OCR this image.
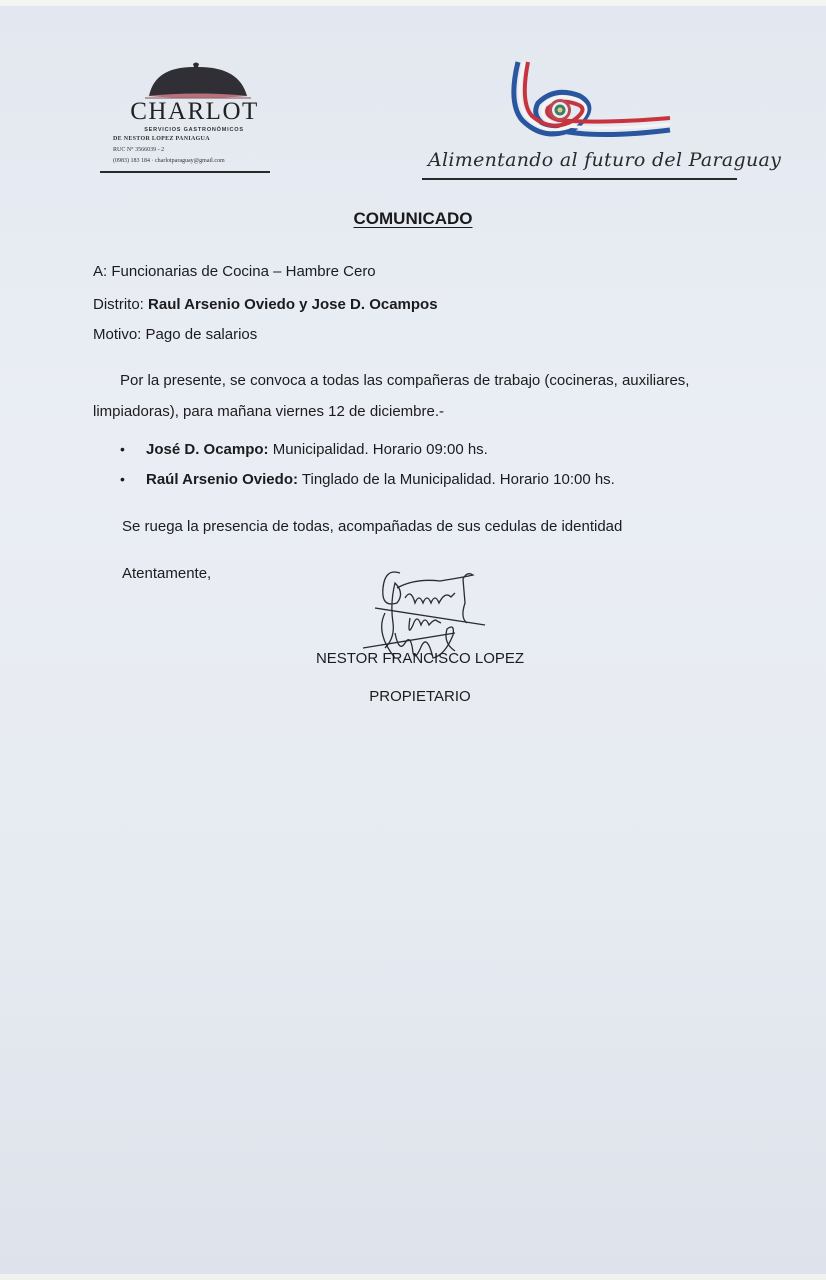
CHARLOT
SERVICIOS GASTRONÓMICOS
DE NESTOR LOPEZ PANIAGUA
RUC N° 3566039 - 2
(0983) 183 184 · charlotparaguay@gmail.com	Alimentando al futuro del Paraguay
COMUNICADO
A: Funcionarias de Cocina – Hambre Cero
Distrito: Raul Arsenio Oviedo y Jose D. Ocampos
Motivo: Pago de salarios
Por la presente, se convoca a todas las compañeras de trabajo (cocineras, auxiliares, limpiadoras), para mañana viernes 12 de diciembre.-
• José D. Ocampo: Municipalidad. Horario 09:00 hs.
• Raúl Arsenio Oviedo: Tinglado de la Municipalidad. Horario 10:00 hs.
Se ruega la presencia de todas, acompañadas de sus cedulas de identidad
Atentamente,
NESTOR FRANCISCO LOPEZ
PROPIETARIO
